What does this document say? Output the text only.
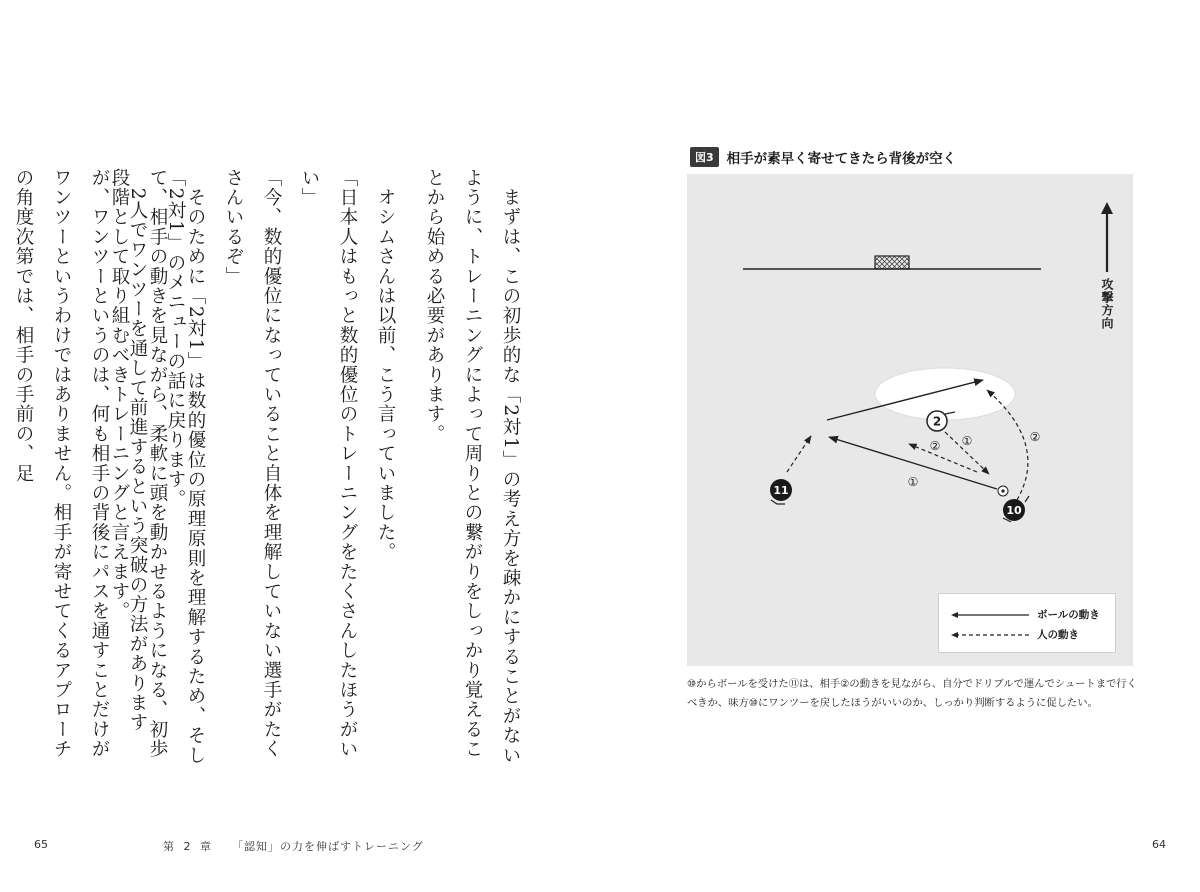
　まずは、この初歩的な「2対1」の考え方を疎かにすることがないように、トレーニングによって周りとの繋がりをしっかり覚えることから始める必要があります。

　オシムさんは以前、こう言っていました。
「日本人はもっと数的優位のトレーニングをたくさんしたほうがいい」
「今、数的優位になっていること自体を理解していない選手がたくさんいるぞ」
　そのために「2対1」は数的優位の原理原則を理解するため、そして、相手の動きを見ながら、柔軟に頭を動かせるようになる、初歩段階として取り組むべきトレーニングと言えます。	「2対1」のメニューの話に戻ります。
　2人でワンツーを通して前進するという突破の方法がありますが、ワンツーというのは、何も相手の背後にパスを通すことだけがワンツーというわけではありません。相手が寄せてくるアプローチの角度次第では、相手の手前の、足

65	第 2 章 「認知」の力を伸ばすトレーニング
図3 相手が素早く寄せてきたら背後が空く
2
11
10
①
①
②
②
攻撃方向
ボールの動き
人の動き

⑩からボールを受けた⑪は、相手②の動きを見ながら、自分でドリブルで運んでシュートまで行くべきか、味方⑩にワンツーを戻したほうがいいのか、しっかり判断するように促したい。

64
